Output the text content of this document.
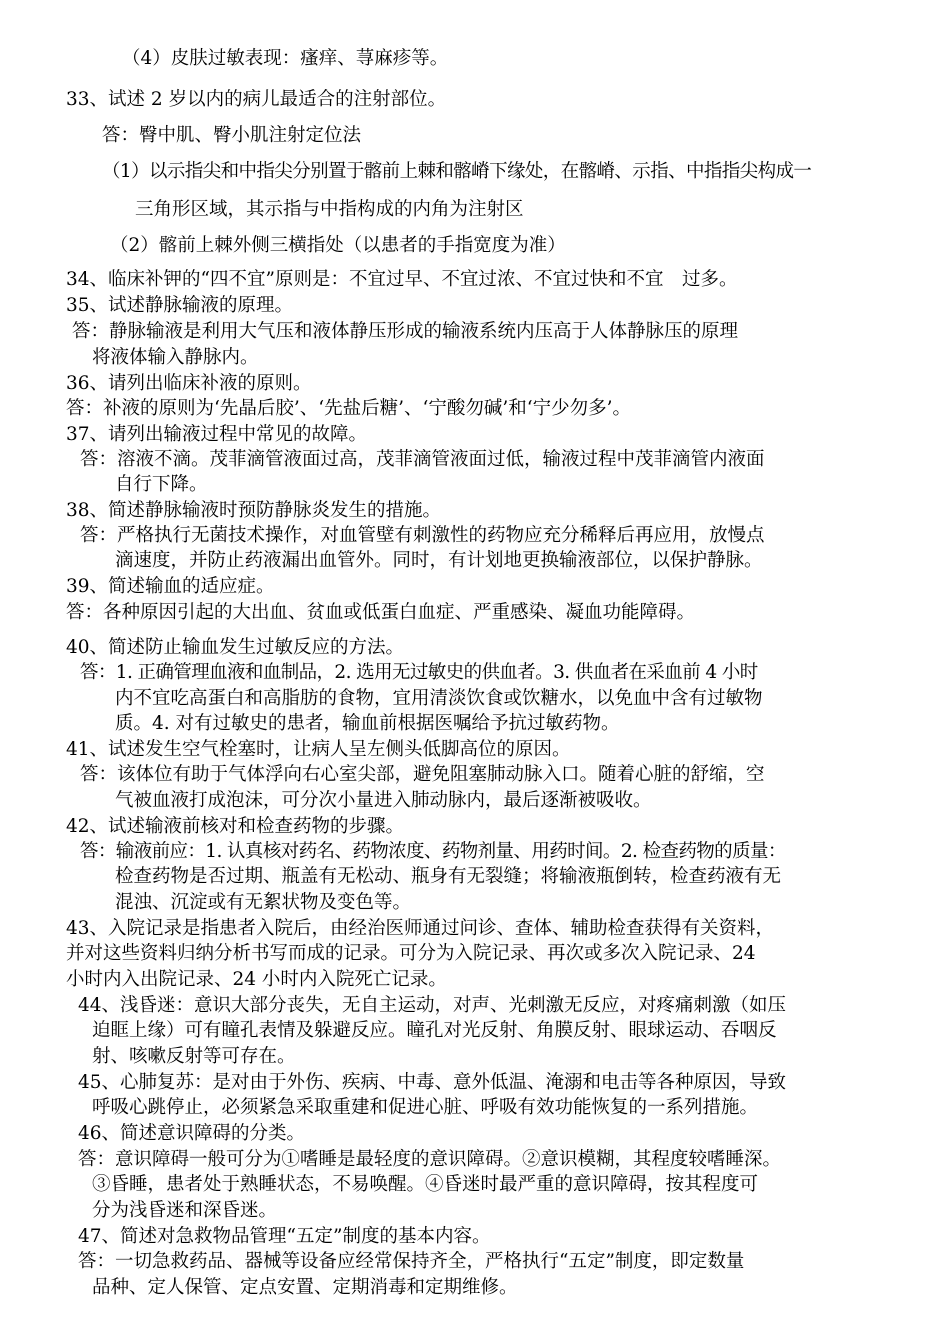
（4）皮肤过敏表现：瘙痒、荨麻疹等。
33、试述 2 岁以内的病儿最适合的注射部位。
答：臀中肌、臀小肌注射定位法
（1）以示指尖和中指尖分别置于髂前上棘和髂嵴下缘处，在髂嵴、示指、中指指尖构成一
三角形区域，其示指与中指构成的内角为注射区
（2）髂前上棘外侧三横指处（以患者的手指宽度为准）
34、临床补钾的“四不宜”原则是：不宜过早、不宜过浓、不宜过快和不宜　过多。
35、试述静脉输液的原理。
答：静脉输液是利用大气压和液体静压形成的输液系统内压高于人体静脉压的原理
将液体输入静脉内。
36、请列出临床补液的原则。
答：补液的原则为‘先晶后胶’、‘先盐后糖’、‘宁酸勿碱’和‘宁少勿多’。
37、请列出输液过程中常见的故障。
答：溶液不滴。茂菲滴管液面过高，茂菲滴管液面过低，输液过程中茂菲滴管内液面
自行下降。
38、简述静脉输液时预防静脉炎发生的措施。
答：严格执行无菌技术操作，对血管壁有刺激性的药物应充分稀释后再应用，放慢点
滴速度，并防止药液漏出血管外。同时，有计划地更换输液部位，以保护静脉。
39、简述输血的适应症。
答：各种原因引起的大出血、贫血或低蛋白血症、严重感染、凝血功能障碍。
40、简述防止输血发生过敏反应的方法。
答：1. 正确管理血液和血制品，2. 选用无过敏史的供血者。3. 供血者在采血前 4 小时
内不宜吃高蛋白和高脂肪的食物，宜用清淡饮食或饮糖水，以免血中含有过敏物
质。4. 对有过敏史的患者，输血前根据医嘱给予抗过敏药物。
41、试述发生空气栓塞时，让病人呈左侧头低脚高位的原因。
答：该体位有助于气体浮向右心室尖部，避免阻塞肺动脉入口。随着心脏的舒缩，空
气被血液打成泡沫，可分次小量进入肺动脉内，最后逐渐被吸收。
42、试述输液前核对和检查药物的步骤。
答：输液前应：1. 认真核对药名、药物浓度、药物剂量、用药时间。2. 检查药物的质量：
检查药物是否过期、瓶盖有无松动、瓶身有无裂缝；将输液瓶倒转，检查药液有无
混浊、沉淀或有无絮状物及变色等。
43、入院记录是指患者入院后，由经治医师通过问诊、查体、辅助检查获得有关资料，
并对这些资料归纳分析书写而成的记录。可分为入院记录、再次或多次入院记录、24
小时内入出院记录、24 小时内入院死亡记录。
44、浅昏迷：意识大部分丧失，无自主运动，对声、光刺激无反应，对疼痛刺激（如压
迫眶上缘）可有瞳孔表情及躲避反应。瞳孔对光反射、角膜反射、眼球运动、吞咽反
射、咳嗽反射等可存在。
45、心肺复苏：是对由于外伤、疾病、中毒、意外低温、淹溺和电击等各种原因，导致
呼吸心跳停止，必须紧急采取重建和促进心脏、呼吸有效功能恢复的一系列措施。
46、简述意识障碍的分类。
答：意识障碍一般可分为①嗜睡是最轻度的意识障碍。②意识模糊，其程度较嗜睡深。
③昏睡，患者处于熟睡状态，不易唤醒。④昏迷时最严重的意识障碍，按其程度可
分为浅昏迷和深昏迷。
47、简述对急救物品管理“五定”制度的基本内容。
答：一切急救药品、器械等设备应经常保持齐全，严格执行“五定”制度，即定数量
品种、定人保管、定点安置、定期消毒和定期维修。
